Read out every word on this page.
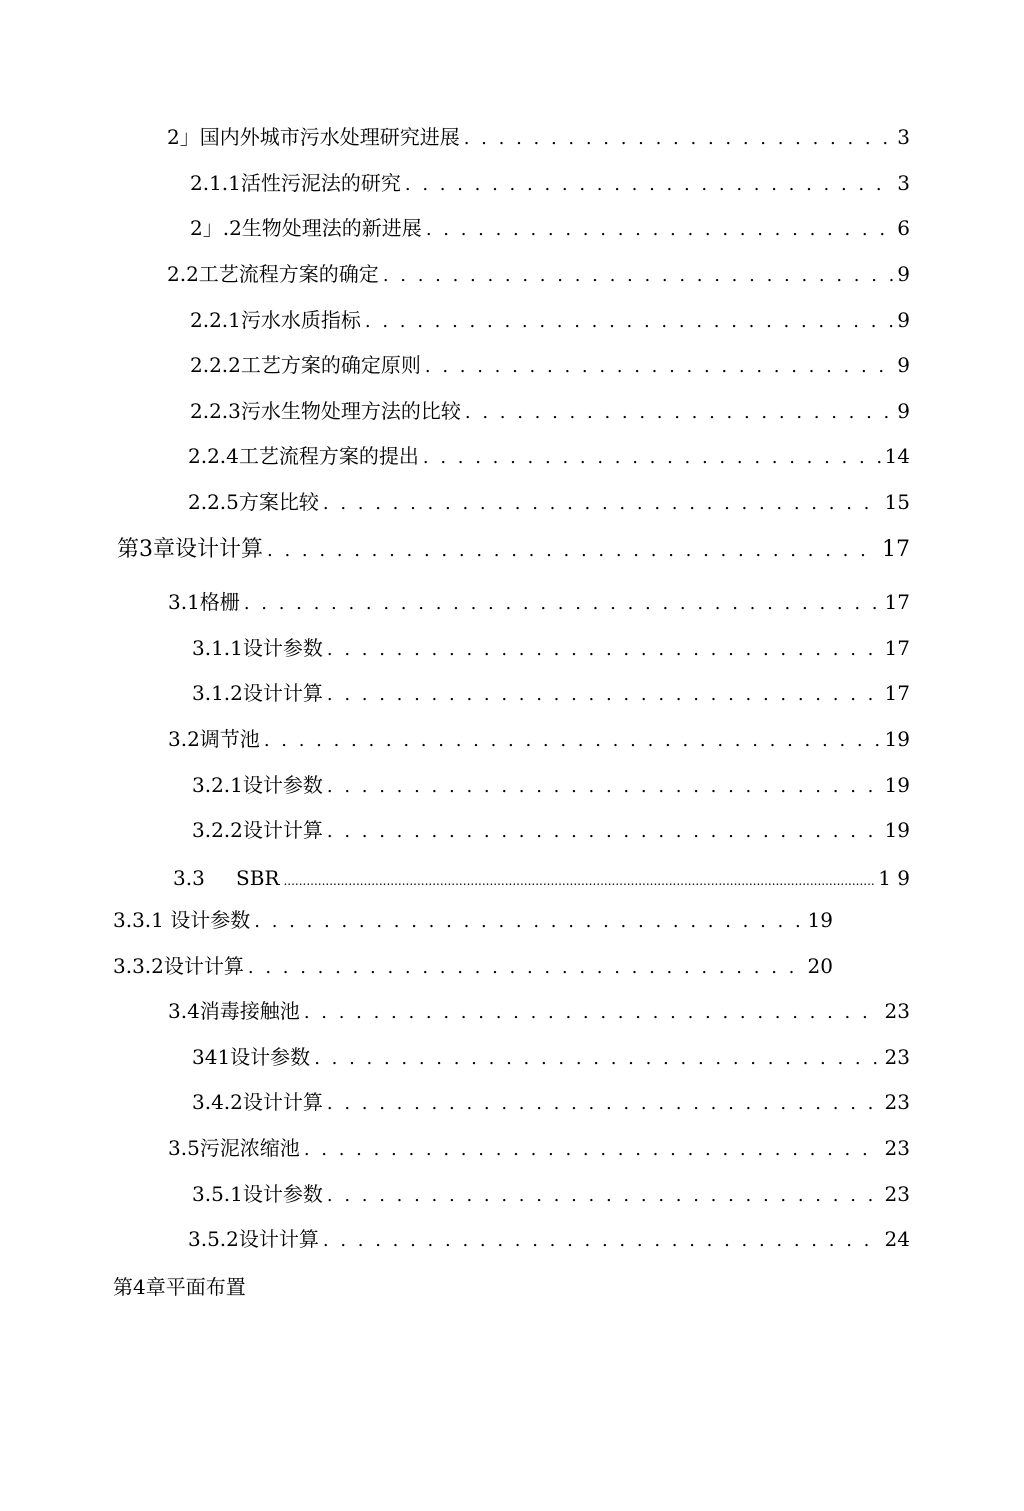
2」国内外城市污水处理研究进展 . . .	3
2.1.1活性污泥法的研究 . . .	3
2」.2生物处理法的新进展 . . .	6
2.2工艺流程方案的确定 . . .	9
2.2.1污水水质指标 . . .	9
2.2.2工艺方案的确定原则 . . .	9
2.2.3污水生物处理方法的比较 . . .	9
2.2.4工艺流程方案的提出 . . .	14
2.2.5方案比较 . . .	15
第3章设计计算 . . .	17
3.1格栅 . . .	17
3.1.1设计参数 . . .	17
3.1.2设计计算 . . .	17
3.2调节池 . . .	19
3.2.1设计参数 . . .	19
3.2.2设计计算 . . .	19
3.3 SBR .....	1 9
3.3.1 设计参数 . . .	19
3.3.2设计计算 . . .	20
3.4消毒接触池 . . .	23
341设计参数 . . .	23
3.4.2设计计算 . . .	23
3.5污泥浓缩池 . . .	23
3.5.1设计参数 . . .	23
3.5.2设计计算 . . .	24
第4章平面布置
